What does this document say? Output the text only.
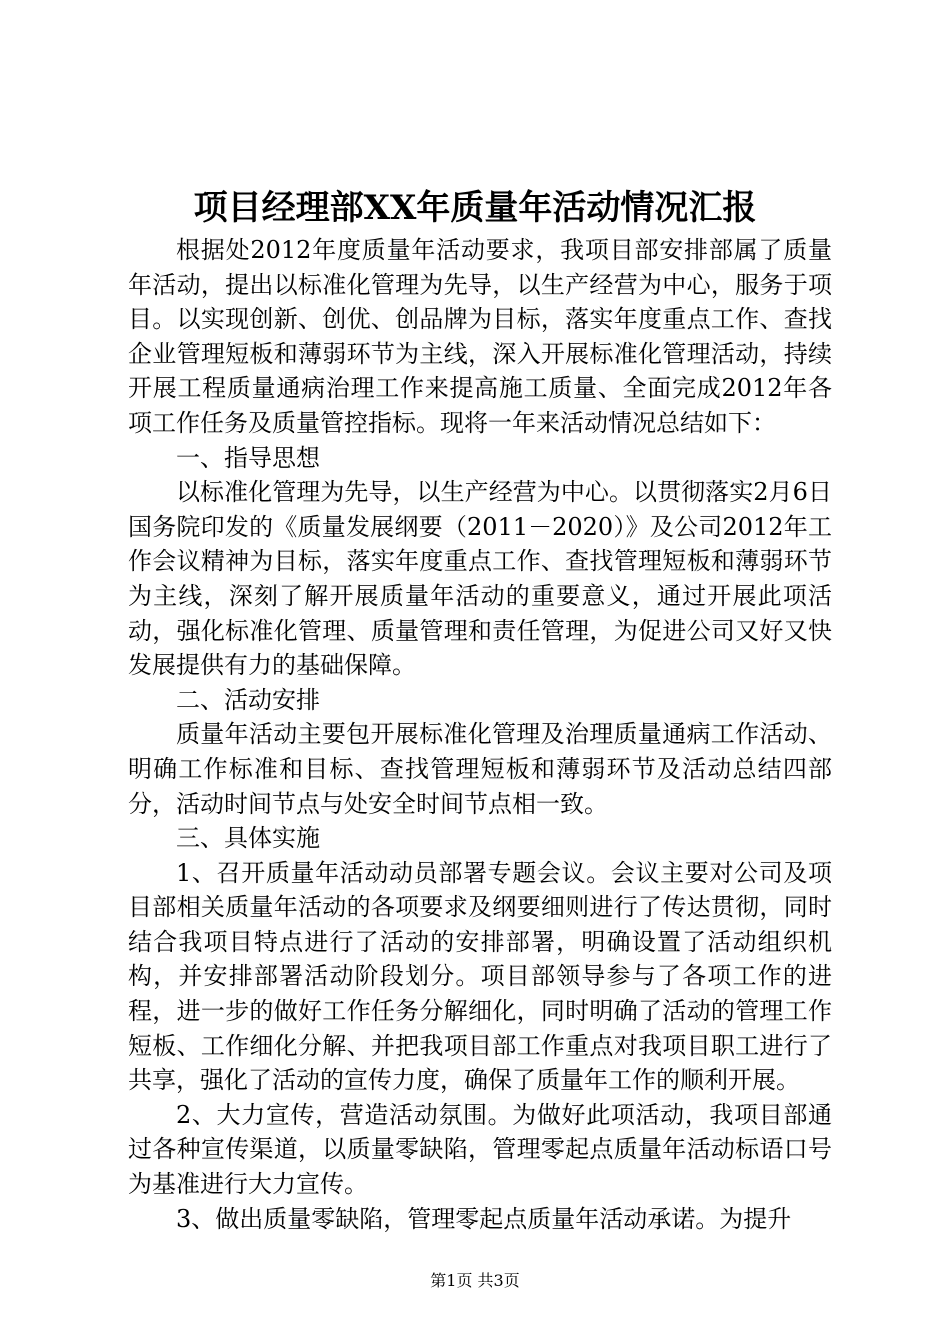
项目经理部XX年质量年活动情况汇报

根据处2012年度质量年活动要求，我项目部安排部属了质量年活动，提出以标准化管理为先导，以生产经营为中心，服务于项目。以实现创新、创优、创品牌为目标，落实年度重点工作、查找企业管理短板和薄弱环节为主线，深入开展标准化管理活动，持续开展工程质量通病治理工作来提高施工质量、全面完成2012年各项工作任务及质量管控指标。现将一年来活动情况总结如下：

一、指导思想

以标准化管理为先导，以生产经营为中心。以贯彻落实2月6日国务院印发的《质量发展纲要（2011－2020）》及公司2012年工作会议精神为目标，落实年度重点工作、查找管理短板和薄弱环节为主线，深刻了解开展质量年活动的重要意义，通过开展此项活动，强化标准化管理、质量管理和责任管理，为促进公司又好又快发展提供有力的基础保障。

二、活动安排

质量年活动主要包开展标准化管理及治理质量通病工作活动、明确工作标准和目标、查找管理短板和薄弱环节及活动总结四部分，活动时间节点与处安全时间节点相一致。

三、具体实施

1、召开质量年活动动员部署专题会议。会议主要对公司及项目部相关质量年活动的各项要求及纲要细则进行了传达贯彻，同时结合我项目特点进行了活动的安排部署，明确设置了活动组织机构，并安排部署活动阶段划分。项目部领导参与了各项工作的进程，进一步的做好工作任务分解细化，同时明确了活动的管理工作短板、工作细化分解、并把我项目部工作重点对我项目职工进行了共享，强化了活动的宣传力度，确保了质量年工作的顺利开展。

2、大力宣传，营造活动氛围。为做好此项活动，我项目部通过各种宣传渠道，以质量零缺陷，管理零起点质量年活动标语口号为基准进行大力宣传。

3、做出质量零缺陷，管理零起点质量年活动承诺。为提升

第1页 共3页
